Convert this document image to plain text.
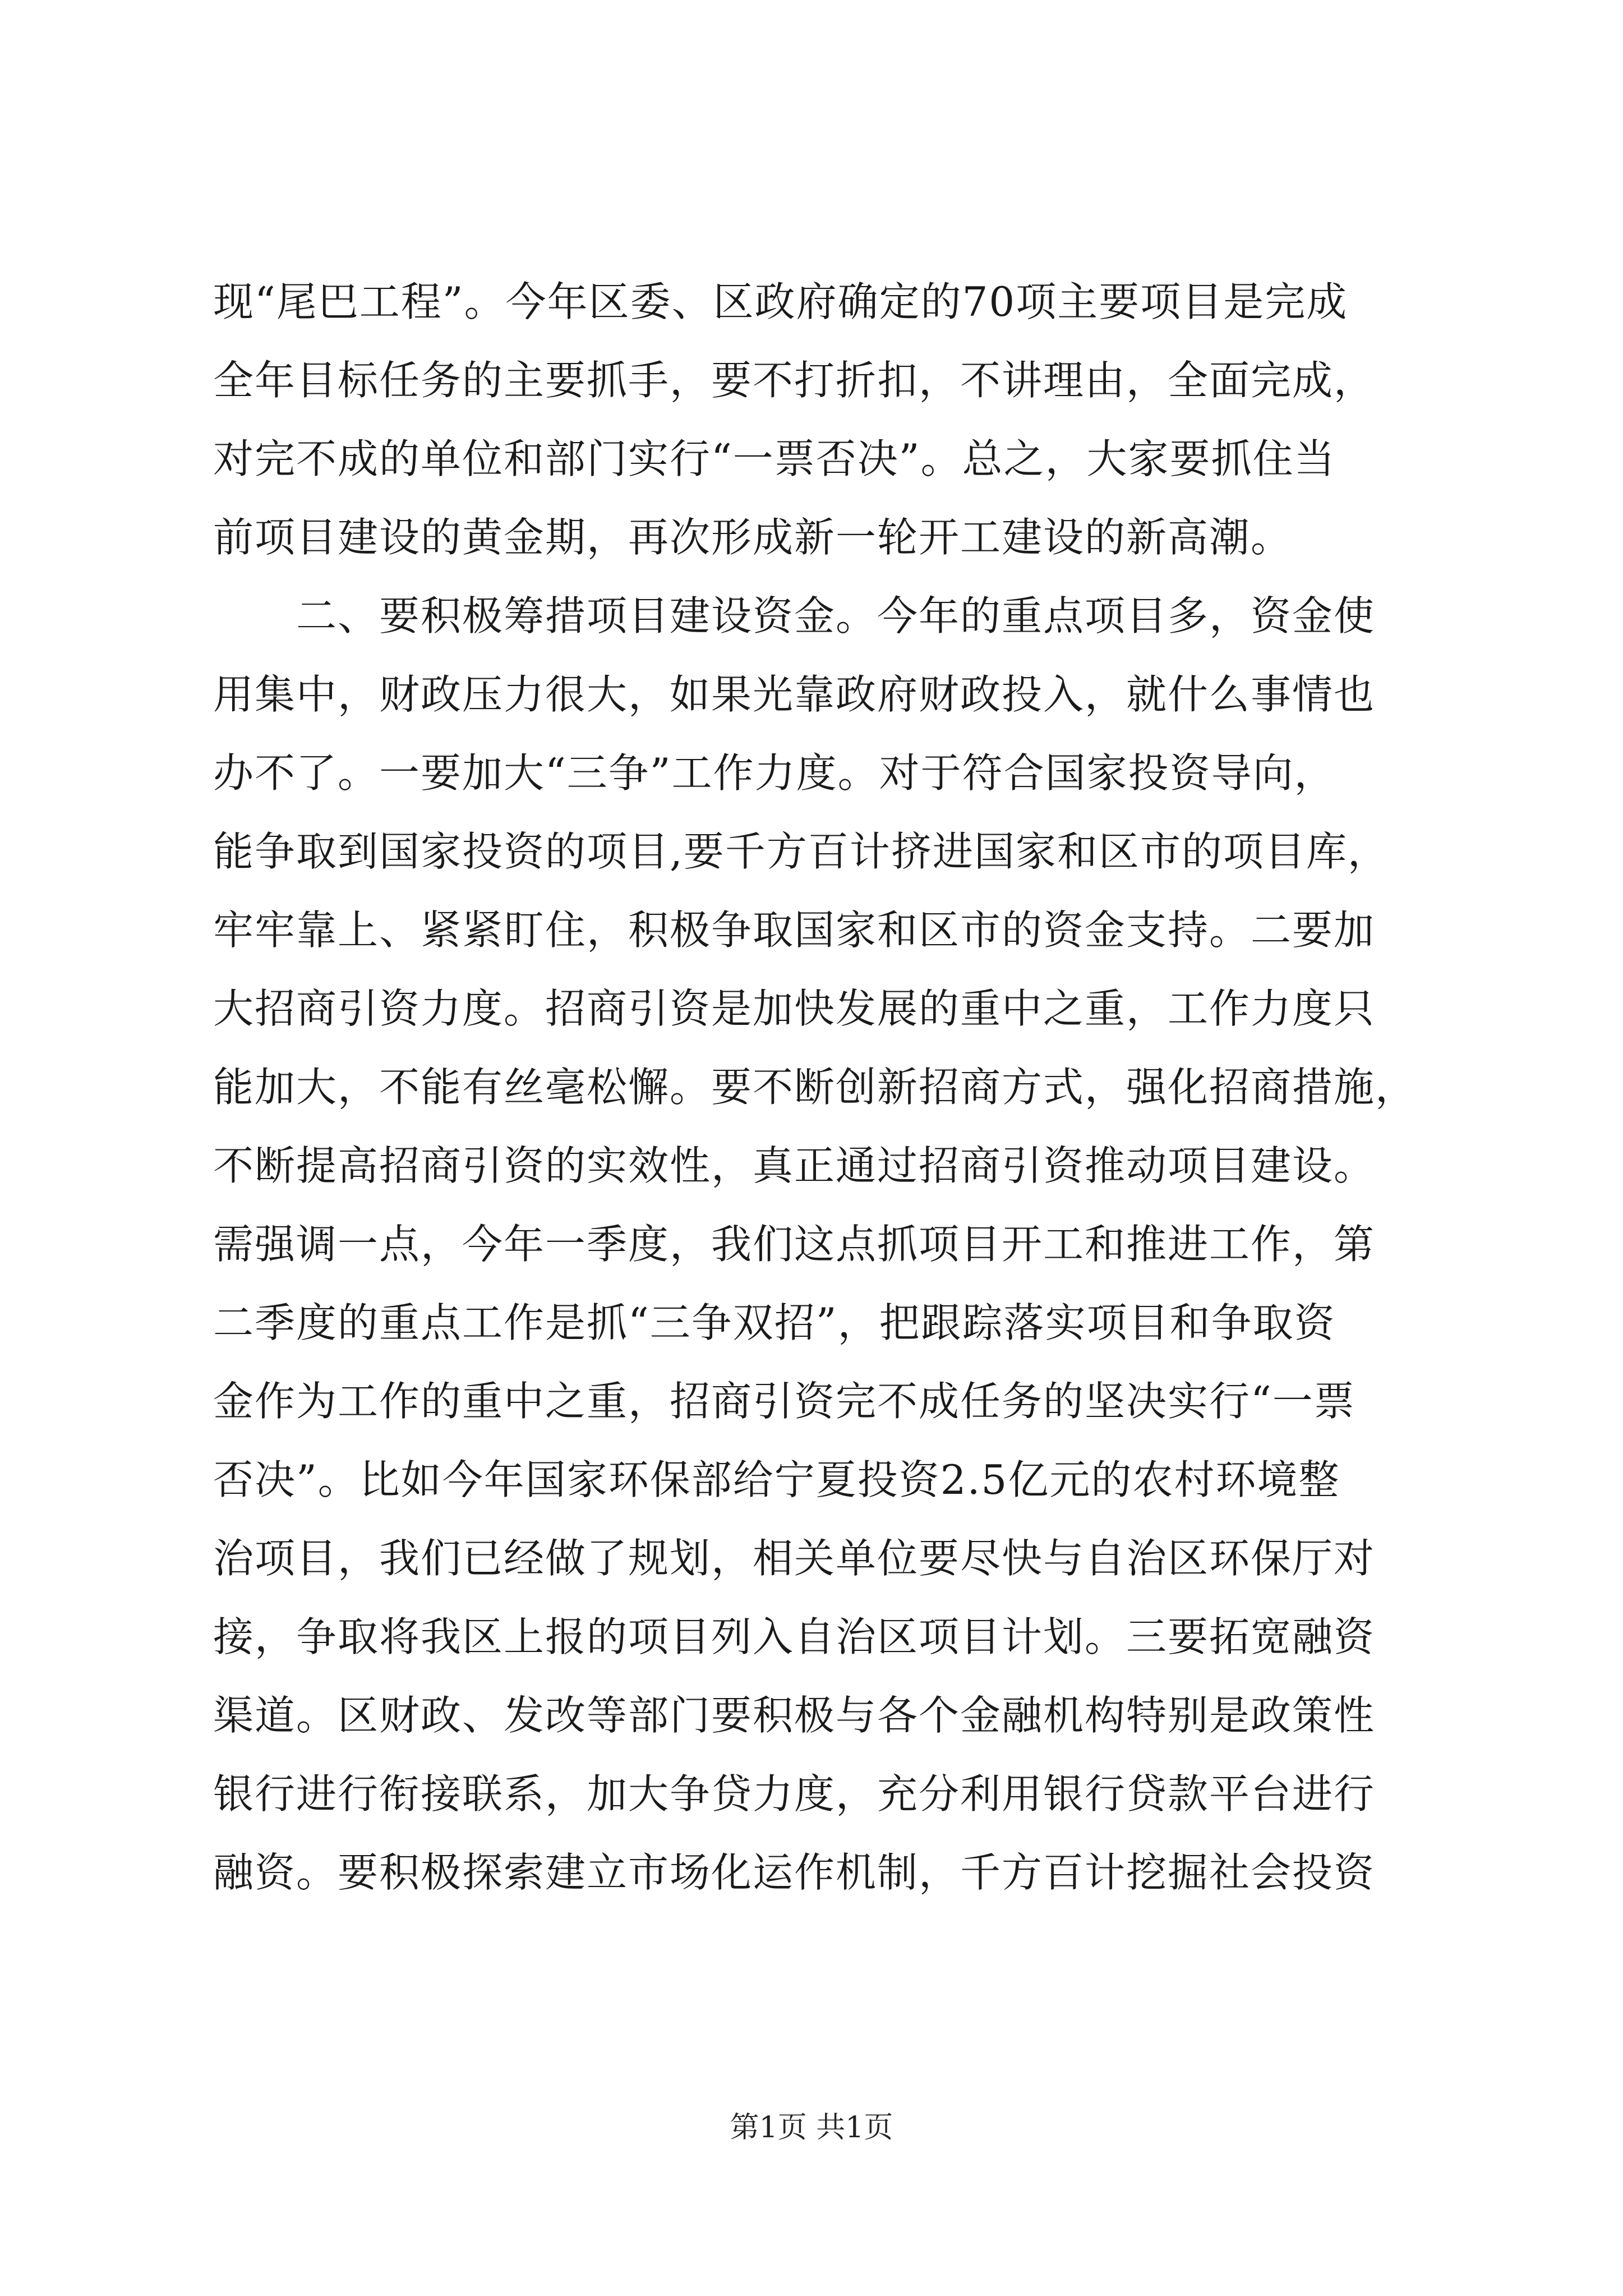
现“尾巴工程”。今年区委、区政府确定的70项主要项目是完成
全年目标任务的主要抓手，要不打折扣，不讲理由，全面完成，
对完不成的单位和部门实行“一票否决”。总之，大家要抓住当
前项目建设的黄金期，再次形成新一轮开工建设的新高潮。
　　二、要积极筹措项目建设资金。今年的重点项目多，资金使
用集中，财政压力很大，如果光靠政府财政投入，就什么事情也
办不了。一要加大“三争”工作力度。对于符合国家投资导向，
能争取到国家投资的项目,要千方百计挤进国家和区市的项目库，
牢牢靠上、紧紧盯住，积极争取国家和区市的资金支持。二要加
大招商引资力度。招商引资是加快发展的重中之重，工作力度只
能加大，不能有丝毫松懈。要不断创新招商方式，强化招商措施，
不断提高招商引资的实效性，真正通过招商引资推动项目建设。
需强调一点，今年一季度，我们这点抓项目开工和推进工作，第
二季度的重点工作是抓“三争双招”，把跟踪落实项目和争取资
金作为工作的重中之重，招商引资完不成任务的坚决实行“一票
否决”。比如今年国家环保部给宁夏投资2.5亿元的农村环境整
治项目，我们已经做了规划，相关单位要尽快与自治区环保厅对
接，争取将我区上报的项目列入自治区项目计划。三要拓宽融资
渠道。区财政、发改等部门要积极与各个金融机构特别是政策性
银行进行衔接联系，加大争贷力度，充分利用银行贷款平台进行
融资。要积极探索建立市场化运作机制，千方百计挖掘社会投资
第1页 共1页
